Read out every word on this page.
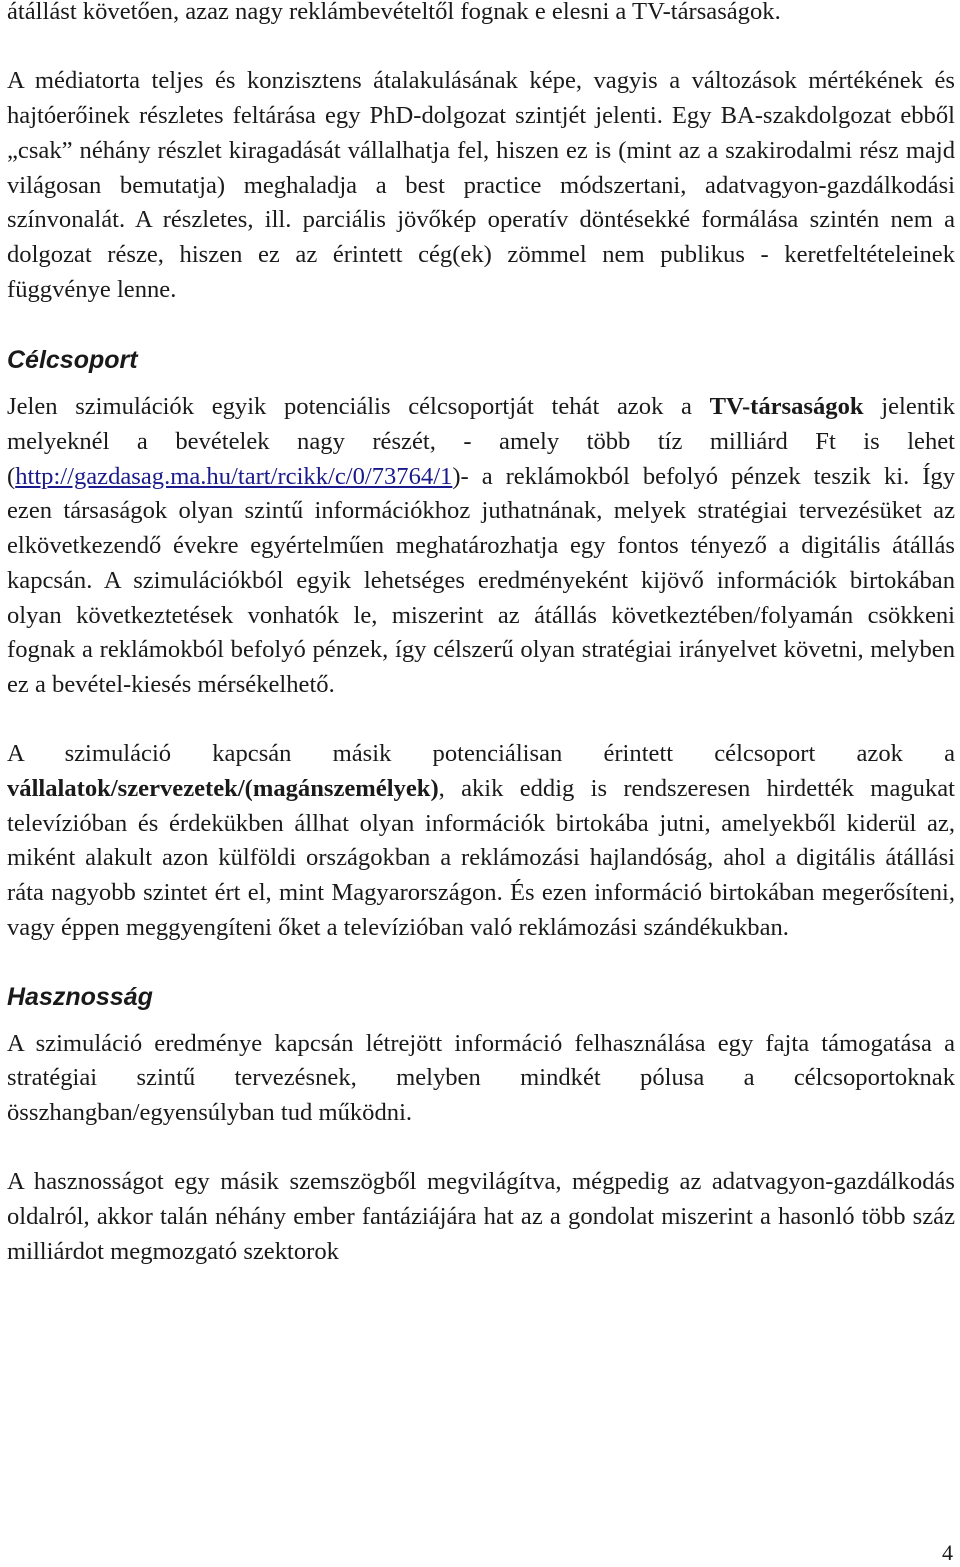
átállást követően, azaz nagy reklámbevételtől fognak e elesni a TV-társaságok.

A médiatorta teljes és konzisztens átalakulásának képe, vagyis a változások mértékének és hajtóerőinek részletes feltárása egy PhD-dolgozat szintjét jelenti. Egy BA-szakdolgozat ebből „csak” néhány részlet kiragadását vállalhatja fel, hiszen ez is (mint az a szakirodalmi rész majd világosan bemutatja) meghaladja a best practice módszertani, adatvagyon-gazdálkodási színvonalát. A részletes, ill. parciális jövőkép operatív döntésekké formálása szintén nem a dolgozat része, hiszen ez az érintett cég(ek) zömmel nem publikus - keretfeltételeinek függvénye lenne.

Célcsoport

Jelen szimulációk egyik potenciális célcsoportját tehát azok a TV-társaságok jelentik melyeknél a bevételek nagy részét, - amely több tíz milliárd Ft is lehet (http://gazdasag.ma.hu/tart/rcikk/c/0/73764/1)- a reklámokból befolyó pénzek teszik ki. Így ezen társaságok olyan szintű információkhoz juthatnának, melyek stratégiai tervezésüket az elkövetkezendő évekre egyértelműen meghatározhatja egy fontos tényező a digitális átállás kapcsán. A szimulációkból egyik lehetséges eredményeként kijövő információk birtokában olyan következtetések vonhatók le, miszerint az átállás következtében/folyamán csökkeni fognak a reklámokból befolyó pénzek, így célszerű olyan stratégiai irányelvet követni, melyben ez a bevétel-kiesés mérsékelhető.

A szimuláció kapcsán másik potenciálisan érintett célcsoport azok a vállalatok/szervezetek/(magánszemélyek), akik eddig is rendszeresen hirdették magukat televízióban és érdekükben állhat olyan információk birtokába jutni, amelyekből kiderül az, miként alakult azon külföldi országokban a reklámozási hajlandóság, ahol a digitális átállási ráta nagyobb szintet ért el, mint Magyarországon. És ezen információ birtokában megerősíteni, vagy éppen meggyengíteni őket a televízióban való reklámozási szándékukban.

Hasznosság

A szimuláció eredménye kapcsán létrejött információ felhasználása egy fajta támogatása a stratégiai szintű tervezésnek, melyben mindkét pólusa a célcsoportoknak összhangban/egyensúlyban tud működni.

A hasznosságot egy másik szemszögből megvilágítva, mégpedig az adatvagyon-gazdálkodás oldalról, akkor talán néhány ember fantáziájára hat az a gondolat miszerint a hasonló több száz milliárdot megmozgató szektorok

4
